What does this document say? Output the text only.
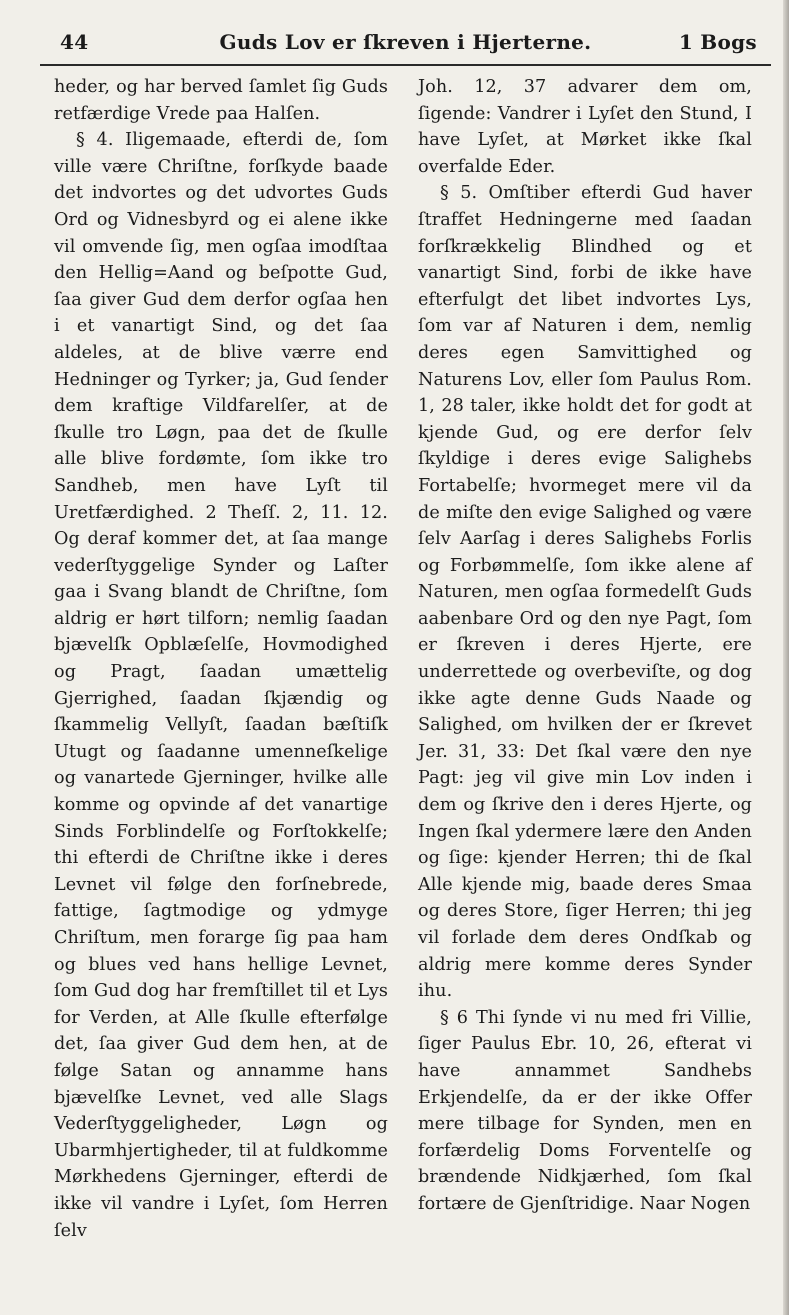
44	Guds Lov er ſkreven i Hjerterne.	1 Bogs

heder, og har berved ſamlet ſig Guds retfærdige Vrede paa Halſen.

§ 4. Iligemaade, efterdi de, ſom ville være Chriſtne, forſkyde baade det indvortes og det udvortes Guds Ord og Vidnesbyrd og ei alene ikke vil omvende ſig, men ogſaa imodſtaa den Hellig=Aand og beſpotte Gud, ſaa giver Gud dem derfor ogſaa hen i et vanartigt Sind, og det ſaa aldeles, at de blive værre end Hedninger og Tyrker; ja, Gud ſender dem kraftige Vildfarelſer, at de ſkulle tro Løgn, paa det de ſkulle alle blive fordømte, ſom ikke tro Sandheb, men have Lyſt til Uretfærdighed. 2 Theſſ. 2, 11. 12. Og deraf kommer det, at ſaa mange vederſtyggelige Synder og Laſter gaa i Svang blandt de Chriſtne, ſom aldrig er hørt tilforn; nemlig ſaadan bjævelſk Opblæſelſe, Hovmodighed og Pragt, ſaadan umættelig Gjerrighed, ſaadan ſkjændig og ſkammelig Vellyſt, ſaadan bæſtiſk Utugt og ſaadanne umenneſkelige og vanartede Gjerninger, hvilke alle komme og opvinde af det vanartige Sinds Forblindelſe og Forſtokkelſe; thi efterdi de Chriſtne ikke i deres Levnet vil følge den forſnebrede, fattige, ſagtmodige og ydmyge Chriſtum, men forarge ſig paa ham og blues ved hans hellige Levnet, ſom Gud dog har fremſtillet til et Lys for Verden, at Alle ſkulle efterfølge det, ſaa giver Gud dem hen, at de følge Satan og annamme hans bjævelſke Levnet, ved alle Slags Vederſtyggeligheder, Løgn og Ubarmhjertigheder, til at fuldkomme Mørkhedens Gjerninger, efterdi de ikke vil vandre i Lyſet, ſom Herren ſelv

Joh. 12, 37 advarer dem om, ſigende: Vandrer i Lyſet den Stund, I have Lyſet, at Mørket ikke ſkal overfalde Eder.

§ 5. Omſtiber efterdi Gud haver ſtraffet Hedningerne med ſaadan forſkrækkelig Blindhed og et vanartigt Sind, forbi de ikke have efterfulgt det libet indvortes Lys, ſom var af Naturen i dem, nemlig deres egen Samvittighed og Naturens Lov, eller ſom Paulus Rom. 1, 28 taler, ikke holdt det for godt at kjende Gud, og ere derfor ſelv ſkyldige i deres evige Salighebs Fortabelſe; hvormeget mere vil da de miſte den evige Salighed og være ſelv Aarſag i deres Salighebs Forlis og Forbømmelſe, ſom ikke alene af Naturen, men ogſaa formedelſt Guds aabenbare Ord og den nye Pagt, ſom er ſkreven i deres Hjerte, ere underrettede og overbeviſte, og dog ikke agte denne Guds Naade og Salighed, om hvilken der er ſkrevet Jer. 31, 33: Det ſkal være den nye Pagt: jeg vil give min Lov inden i dem og ſkrive den i deres Hjerte, og Ingen ſkal ydermere lære den Anden og ſige: kjender Herren; thi de ſkal Alle kjende mig, baade deres Smaa og deres Store, ſiger Herren; thi jeg vil forlade dem deres Ondſkab og aldrig mere komme deres Synder ihu.

§ 6 Thi ſynde vi nu med fri Villie, ſiger Paulus Ebr. 10, 26, efterat vi have annammet Sandhebs Erkjendelſe, da er der ikke Offer mere tilbage for Synden, men en forfærdelig Doms Forventelſe og brændende Nidkjærhed, ſom ſkal fortære de Gjenſtridige. Naar Nogen
